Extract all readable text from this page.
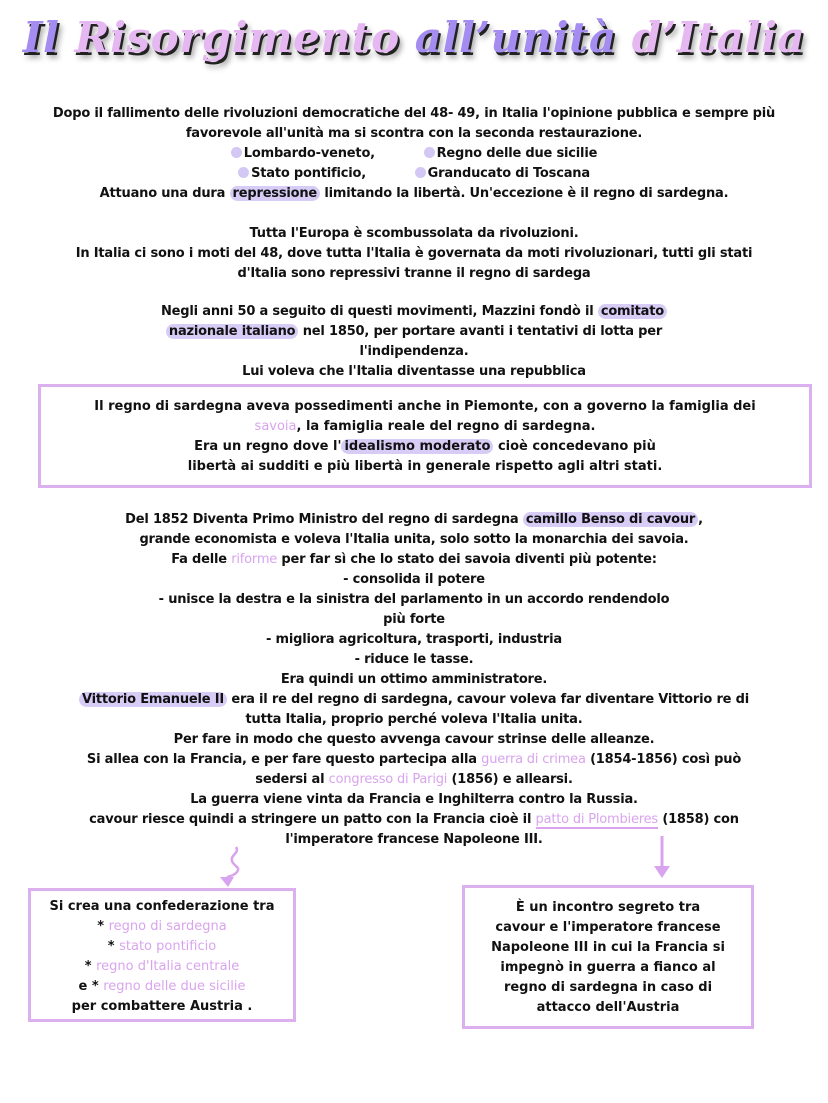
Il Risorgimento all’unità d’Italia
Dopo il fallimento delle rivoluzioni democratiche del 48- 49, in Italia l'opinione pubblica e sempre più
favorevole all'unità ma si scontra con la seconda restaurazione.
Lombardo-veneto,	Regno delle due sicilie
Stato pontificio,	Granducato di Toscana
Attuano una dura repressione limitando la libertà. Un'eccezione è il regno di sardegna.
Tutta l'Europa è scombussolata da rivoluzioni.
In Italia ci sono i moti del 48, dove tutta l'Italia è governata da moti rivoluzionari, tutti gli stati
d'Italia sono repressivi tranne il regno di sardega
Negli anni 50 a seguito di questi movimenti, Mazzini fondò il comitato
nazionale italiano nel 1850, per portare avanti i tentativi di lotta per
l'indipendenza.
Lui voleva che l'Italia diventasse una repubblica
Il regno di sardegna aveva possedimenti anche in Piemonte, con a governo la famiglia dei
savoia, la famiglia reale del regno di sardegna.
Era un regno dove l' idealismo moderato cioè concedevano più
libertà ai sudditi e più libertà in generale rispetto agli altri stati.
Del 1852 Diventa Primo Ministro del regno di sardegna camillo Benso di cavour ,
grande economista e voleva l'Italia unita, solo sotto la monarchia dei savoia.
Fa delle riforme per far sì che lo stato dei savoia diventi più potente:
- consolida il potere
- unisce la destra e la sinistra del parlamento in un accordo rendendolo
più forte
- migliora agricoltura, trasporti, industria
- riduce le tasse.
Era quindi un ottimo amministratore.
Vittorio Emanuele II era il re del regno di sardegna, cavour voleva far diventare Vittorio re di
tutta Italia, proprio perché voleva l'Italia unita.
Per fare in modo che questo avvenga cavour strinse delle alleanze.
Si allea con la Francia, e per fare questo partecipa alla guerra di crimea (1854-1856) così può
sedersi al congresso di Parigi (1856) e allearsi.
La guerra viene vinta da Francia e Inghilterra contro la Russia.
cavour riesce quindi a stringere un patto con la Francia cioè il patto di Plombieres (1858) con
l'imperatore francese Napoleone III.
Si crea una confederazione tra
* regno di sardegna
* stato pontificio
* regno d'Italia centrale
e * regno delle due sicilie
per combattere Austria .
È un incontro segreto tra
cavour e l'imperatore francese
Napoleone III in cui la Francia si
impegnò in guerra a fianco al
regno di sardegna in caso di
attacco dell'Austria
